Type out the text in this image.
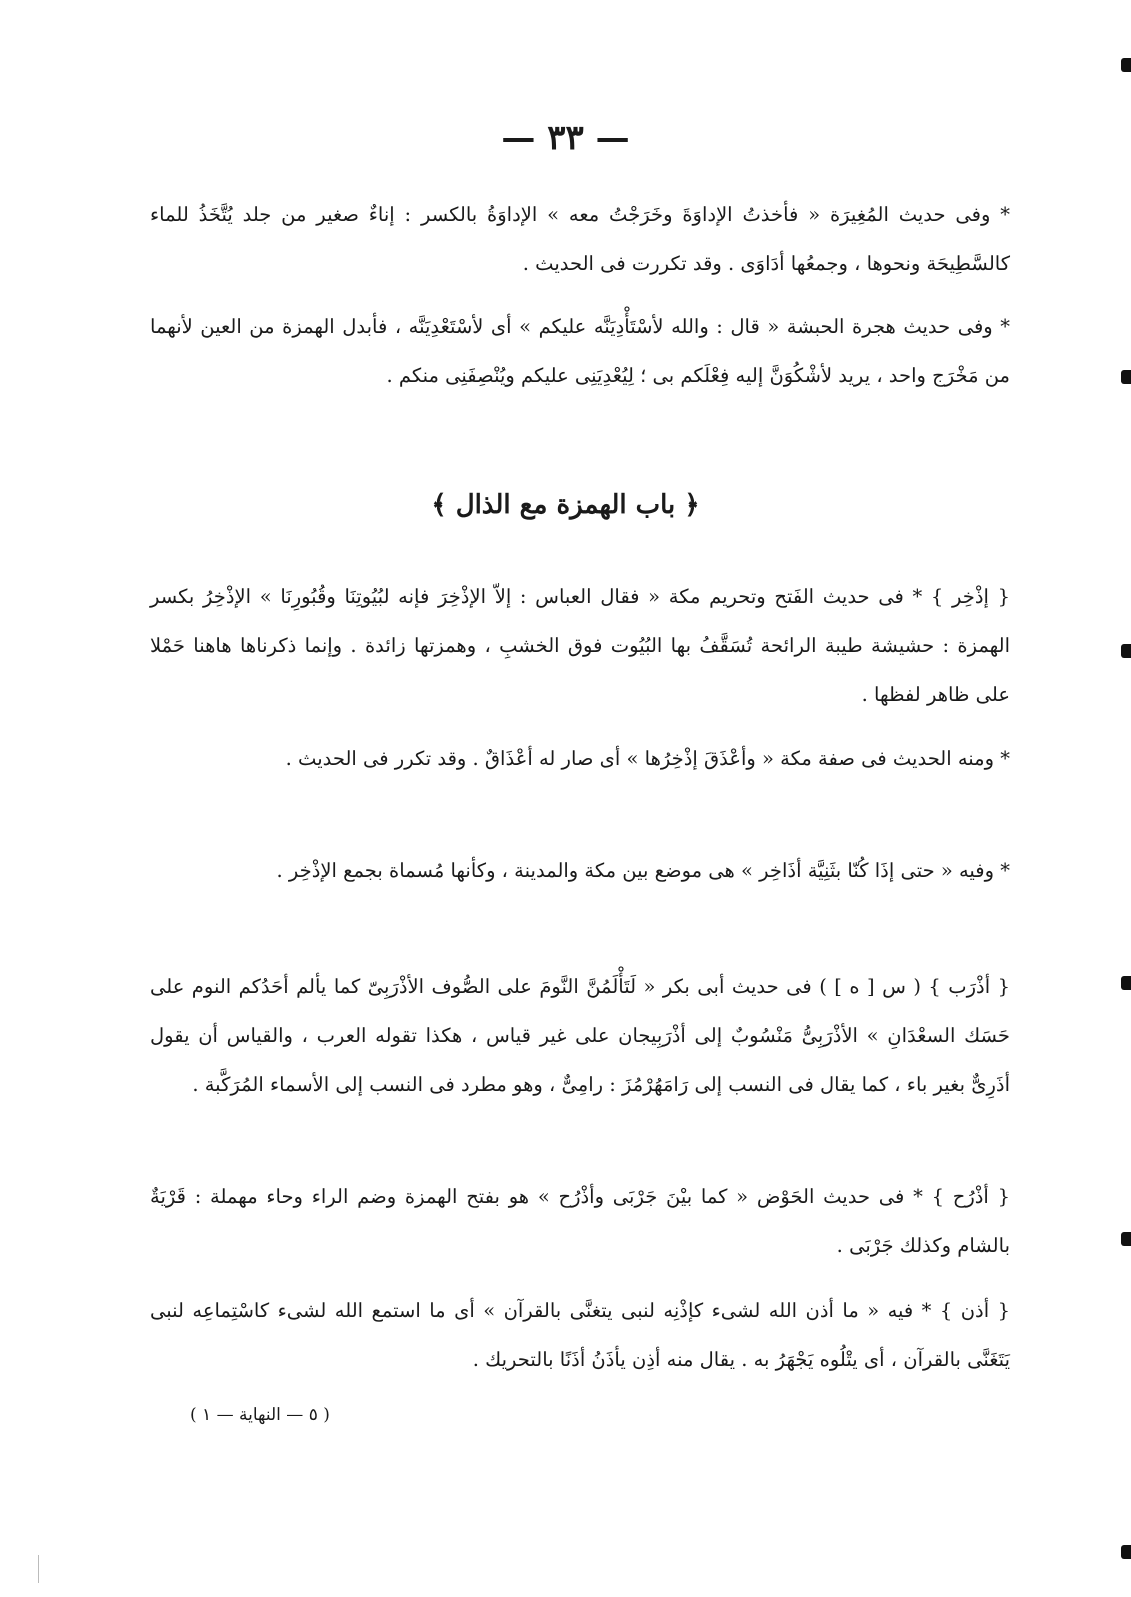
— ٣٣ —
* وفى حديث المُغِيرَة « فأخذتُ الإداوَةَ وخَرَجْتُ معه » الإداوَةُ بالكسر : إناءٌ صغير من جلد يُتَّخَذُ للماء كالسَّطِيحَة ونحوها ، وجمعُها أدَاوَى . وقد تكررت فى الحديث .
* وفى حديث هجرة الحبشة « قال : والله لأسْتَأْدِيَنَّه عليكم » أى لأسْتَعْدِيَنَّه ، فأبدل الهمزة من العين لأنهما من مَخْرَج واحد ، يريد لأشْكُوَنَّ إليه فِعْلَكم بى ؛ لِيُعْدِيَنِى عليكم ويُنْصِفَنِى منكم .
﴿ باب الهمزة مع الذال ﴾
{ إذْخِر } * فى حديث الفَتح وتحريم مكة « فقال العباس : إلاّ الإذْخِرَ فإنه لبُيُوتِنَا وقُبُورِنَا » الإذْخِرُ بكسر الهمزة : حشيشة طيبة الرائحة تُسَقَّفُ بها البُيُوت فوق الخشبِ ، وهمزتها زائدة . وإنما ذكرناها هاهنا حَمْلا على ظاهر لفظها .
* ومنه الحديث فى صفة مكة « وأعْذَقَ إذْخِرُها » أى صار له أعْذَاقٌ . وقد تكرر فى الحديث .
* وفيه « حتى إذَا كُنّا بثَنِيَّة أذَاخِر » هى موضع بين مكة والمدينة ، وكأنها مُسماة بجمع الإذْخِر .
{ أذْرَب } ( س [ ه ] ) فى حديث أبى بكر « لَتَأْلَمُنَّ النَّومَ على الصُّوف الأذْرَبِىّ كما يألم أحَدُكم النوم على حَسَك السعْدَانِ » الأذْرَبِىُّ مَنْسُوبٌ إلى أذْرَبِيجان على غير قياس ، هكذا تقوله العرب ، والقياس أن يقول أذَرِىٌّ بغير باء ، كما يقال فى النسب إلى رَامَهُرْمُزَ : رامِىٌّ ، وهو مطرد فى النسب إلى الأسماء المُرَكَّبة .
{ أذْرُح } * فى حديث الحَوْض « كما بيْنَ جَرْبَى وأذْرُح » هو بفتح الهمزة وضم الراء وحاء مهملة : قَرْيَةٌ بالشام وكذلك جَرْبَى .
{ أذن } * فيه « ما أذن الله لشىء كإذْنِه لنبى يتغنَّى بالقرآن » أى ما استمع الله لشىء كاسْتِماعِه لنبى يَتَغَنَّى بالقرآن ، أى يتْلُوه يَجْهَرُ به . يقال منه أذِن يأذَنُ أذَنًا بالتحريك .
( ٥ — النهاية — ١ )
